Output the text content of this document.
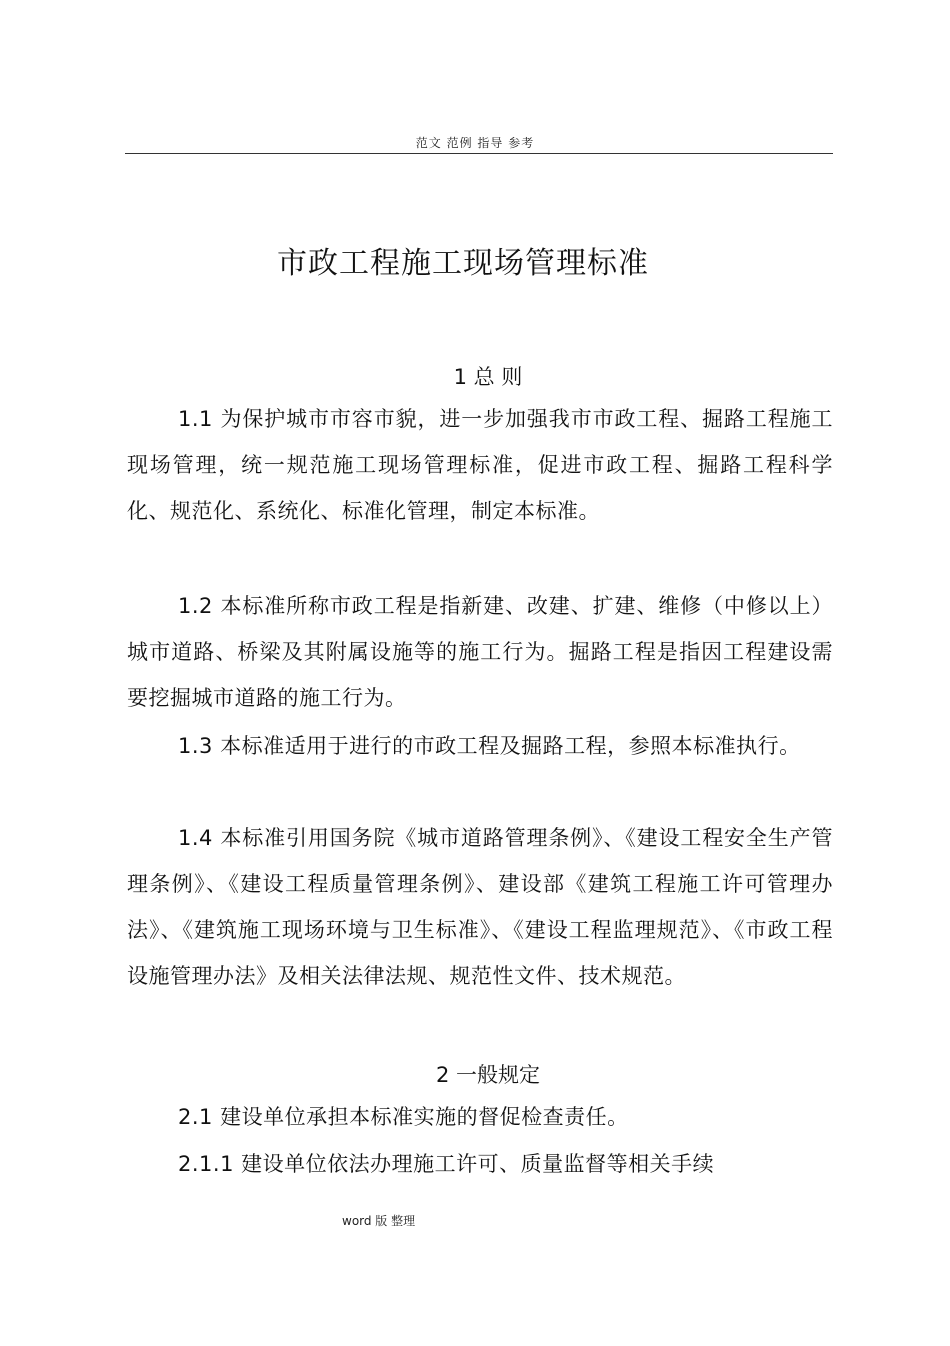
范文 范例 指导 参考
市政工程施工现场管理标准
1 总 则
1.1 为保护城市市容市貌，进一步加强我市市政工程、掘路工程施工现场管理，统一规范施工现场管理标准，促进市政工程、掘路工程科学化、规范化、系统化、标准化管理，制定本标准。
1.2 本标准所称市政工程是指新建、改建、扩建、维修（中修以上）城市道路、桥梁及其附属设施等的施工行为。掘路工程是指因工程建设需要挖掘城市道路的施工行为。
1.3 本标准适用于进行的市政工程及掘路工程，参照本标准执行。
1.4 本标准引用国务院《城市道路管理条例》、《建设工程安全生产管理条例》、《建设工程质量管理条例》、建设部《建筑工程施工许可管理办法》、《建筑施工现场环境与卫生标准》、《建设工程监理规范》、《市政工程设施管理办法》及相关法律法规、规范性文件、技术规范。
2 一般规定
2.1 建设单位承担本标准实施的督促检查责任。
2.1.1 建设单位依法办理施工许可、质量监督等相关手续
word 版 整理
